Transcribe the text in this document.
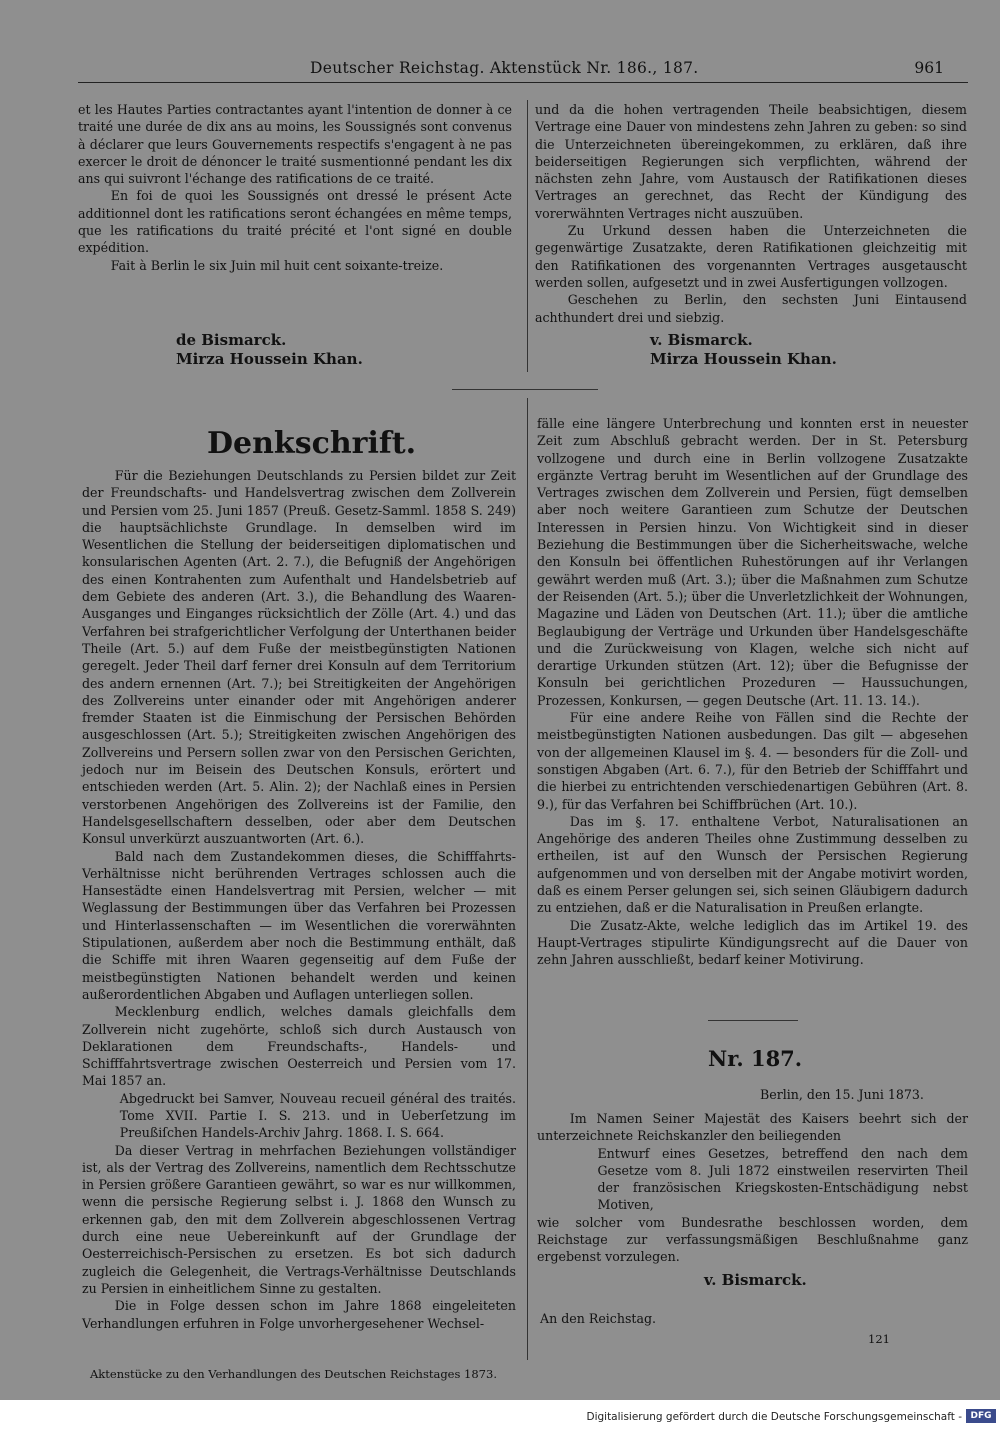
Deutscher Reichstag. Aktenstück Nr. 186., 187.	961

et les Hautes Parties contractantes ayant l'intention de donner à ce traité une durée de dix ans au moins, les Soussignés sont convenus à déclarer que leurs Gouvernements respectifs s'engagent à ne pas exercer le droit de dénoncer le traité susmentionné pendant les dix ans qui suivront l'échange des ratifications de ce traité.

En foi de quoi les Soussignés ont dressé le présent Acte additionnel dont les ratifications seront échangées en même temps, que les ratifications du traité précité et l'ont signé en double expédition.

Fait à Berlin le six Juin mil huit cent soixante-treize.

de Bismarck.
Mirza Houssein Khan.

und da die hohen vertragenden Theile beabsichtigen, diesem Vertrage eine Dauer von mindestens zehn Jahren zu geben: so sind die Unterzeichneten übereingekommen, zu erklären, daß ihre beiderseitigen Regierungen sich verpflichten, während der nächsten zehn Jahre, vom Austausch der Ratifikationen dieses Vertrages an gerechnet, das Recht der Kündigung des vorerwähnten Vertrages nicht auszuüben.

Zu Urkund dessen haben die Unterzeichneten die gegenwärtige Zusatzakte, deren Ratifikationen gleichzeitig mit den Ratifikationen des vorgenannten Vertrages ausgetauscht werden sollen, aufgesetzt und in zwei Ausfertigungen vollzogen.

Geschehen zu Berlin, den sechsten Juni Eintausend achthundert drei und siebzig.

v. Bismarck.
Mirza Houssein Khan.
Denkschrift.

Für die Beziehungen Deutschlands zu Persien bildet zur Zeit der Freundschafts- und Handelsvertrag zwischen dem Zollverein und Persien vom 25. Juni 1857 (Preuß. Gesetz-Samml. 1858 S. 249) die hauptsächlichste Grundlage. In demselben wird im Wesentlichen die Stellung der beiderseitigen diplomatischen und konsularischen Agenten (Art. 2. 7.), die Befugniß der Angehörigen des einen Kontrahenten zum Aufenthalt und Handelsbetrieb auf dem Gebiete des anderen (Art. 3.), die Behandlung des Waaren-Ausganges und Einganges rücksichtlich der Zölle (Art. 4.) und das Verfahren bei strafgerichtlicher Verfolgung der Unterthanen beider Theile (Art. 5.) auf dem Fuße der meistbegünstigten Nationen geregelt. Jeder Theil darf ferner drei Konsuln auf dem Territorium des andern ernennen (Art. 7.); bei Streitigkeiten der Angehörigen des Zollvereins unter einander oder mit Angehörigen anderer fremder Staaten ist die Einmischung der Persischen Behörden ausgeschlossen (Art. 5.); Streitigkeiten zwischen Angehörigen des Zollvereins und Persern sollen zwar von den Persischen Gerichten, jedoch nur im Beisein des Deutschen Konsuls, erörtert und entschieden werden (Art. 5. Alin. 2); der Nachlaß eines in Persien verstorbenen Angehörigen des Zollvereins ist der Familie, den Handelsgesellschaftern desselben, oder aber dem Deutschen Konsul unverkürzt auszuantworten (Art. 6.).

Bald nach dem Zustandekommen dieses, die Schifffahrts-Verhältnisse nicht berührenden Vertrages schlossen auch die Hansestädte einen Handelsvertrag mit Persien, welcher — mit Weglassung der Bestimmungen über das Verfahren bei Prozessen und Hinterlassenschaften — im Wesentlichen die vorerwähnten Stipulationen, außerdem aber noch die Bestimmung enthält, daß die Schiffe mit ihren Waaren gegenseitig auf dem Fuße der meistbegünstigten Nationen behandelt werden und keinen außerordentlichen Abgaben und Auflagen unterliegen sollen.

Mecklenburg endlich, welches damals gleichfalls dem Zollverein nicht zugehörte, schloß sich durch Austausch von Deklarationen dem Freundschafts-, Handels- und Schifffahrtsvertrage zwischen Oesterreich und Persien vom 17. Mai 1857 an.

Abgedruckt bei Samver, Nouveau recueil général des traités. Tome XVII. Partie I. S. 213. und in Ueberſetzung im Preußiſchen Handels-Archiv Jahrg. 1868. I. S. 664.

Da dieser Vertrag in mehrfachen Beziehungen vollständiger ist, als der Vertrag des Zollvereins, namentlich dem Rechtsschutze in Persien größere Garantieen gewährt, so war es nur willkommen, wenn die persische Regierung selbst i. J. 1868 den Wunsch zu erkennen gab, den mit dem Zollverein abgeschlossenen Vertrag durch eine neue Uebereinkunft auf der Grundlage der Oesterreichisch-Persischen zu ersetzen. Es bot sich dadurch zugleich die Gelegenheit, die Vertrags-Verhältnisse Deutschlands zu Persien in einheitlichem Sinne zu gestalten.

Die in Folge dessen schon im Jahre 1868 eingeleiteten Verhandlungen erfuhren in Folge unvorhergesehener Wechsel-

fälle eine längere Unterbrechung und konnten erst in neuester Zeit zum Abschluß gebracht werden. Der in St. Petersburg vollzogene und durch eine in Berlin vollzogene Zusatzakte ergänzte Vertrag beruht im Wesentlichen auf der Grundlage des Vertrages zwischen dem Zollverein und Persien, fügt demselben aber noch weitere Garantieen zum Schutze der Deutschen Interessen in Persien hinzu. Von Wichtigkeit sind in dieser Beziehung die Bestimmungen über die Sicherheitswache, welche den Konsuln bei öffentlichen Ruhestörungen auf ihr Verlangen gewährt werden muß (Art. 3.); über die Maßnahmen zum Schutze der Reisenden (Art. 5.); über die Unverletzlichkeit der Wohnungen, Magazine und Läden von Deutschen (Art. 11.); über die amtliche Beglaubigung der Verträge und Urkunden über Handelsgeschäfte und die Zurückweisung von Klagen, welche sich nicht auf derartige Urkunden stützen (Art. 12); über die Befugnisse der Konsuln bei gerichtlichen Prozeduren — Haussuchungen, Prozessen, Konkursen, — gegen Deutsche (Art. 11. 13. 14.).

Für eine andere Reihe von Fällen sind die Rechte der meistbegünstigten Nationen ausbedungen. Das gilt — abgesehen von der allgemeinen Klausel im §. 4. — besonders für die Zoll- und sonstigen Abgaben (Art. 6. 7.), für den Betrieb der Schifffahrt und die hierbei zu entrichtenden verschiedenartigen Gebühren (Art. 8. 9.), für das Verfahren bei Schiffbrüchen (Art. 10.).

Das im §. 17. enthaltene Verbot, Naturalisationen an Angehörige des anderen Theiles ohne Zustimmung desselben zu ertheilen, ist auf den Wunsch der Persischen Regierung aufgenommen und von derselben mit der Angabe motivirt worden, daß es einem Perser gelungen sei, sich seinen Gläubigern dadurch zu entziehen, daß er die Naturalisation in Preußen erlangte.

Die Zusatz-Akte, welche lediglich das im Artikel 19. des Haupt-Vertrages stipulirte Kündigungsrecht auf die Dauer von zehn Jahren ausschließt, bedarf keiner Motivirung.

Nr. 187.
Berlin, den 15. Juni 1873.

Im Namen Seiner Majestät des Kaisers beehrt sich der unterzeichnete Reichskanzler den beiliegenden

Entwurf eines Gesetzes, betreffend den nach dem Gesetze vom 8. Juli 1872 einstweilen reservirten Theil der französischen Kriegskosten-Entschädigung nebst Motiven,

wie solcher vom Bundesrathe beschlossen worden, dem Reichstage zur verfassungsmäßigen Beschlußnahme ganz ergebenst vorzulegen.

v. Bismarck.
An den Reichstag.
Aktenstücke zu den Verhandlungen des Deutschen Reichstages 1873.
121
Digitalisierung gefördert durch die Deutsche Forschungsgemeinschaft - DFG
